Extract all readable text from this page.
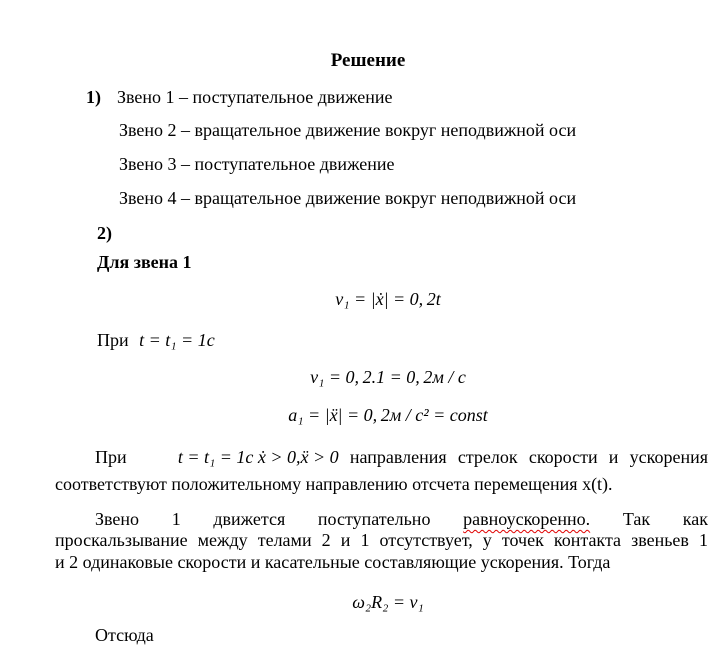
Решение
1) Звено 1 – поступательное движение
Звено 2 – вращательное движение вокруг неподвижной оси
Звено 3 – поступательное движение
Звено 4 – вращательное движение вокруг неподвижной оси
2)
Для звена 1
v₁ = |ẋ| = 0, 2t
При t = t₁ = 1c
v₁ = 0, 2.1 = 0, 2м / с
a₁ = |ẍ| = 0, 2м / с² = const
При	t = t₁ = 1c ẋ > 0,ẍ > 0 направления стрелок скорости и ускорения
соответствуют положительному направлению отсчета перемещения x(t).
Звено 1 движется поступательно равноускоренно. Так как
проскальзывание между телами 2 и 1 отсутствует, у точек контакта звеньев 1
и 2 одинаковые скорости и касательные составляющие ускорения. Тогда
ω₂R₂ = v₁
Отсюда
